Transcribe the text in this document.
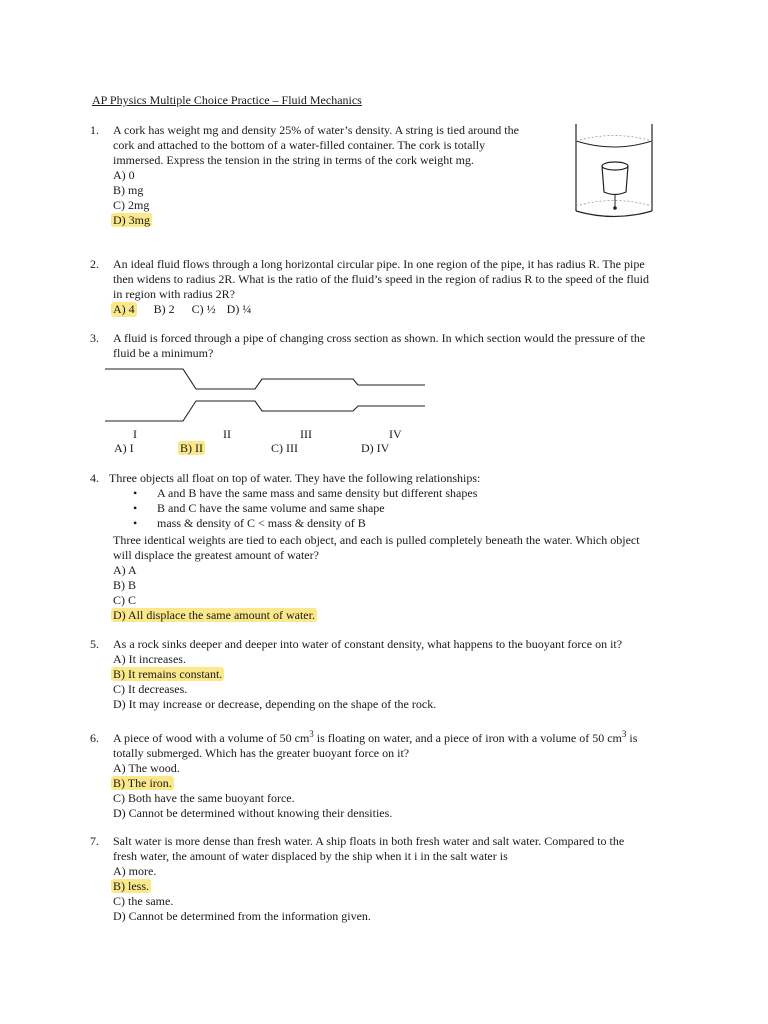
AP Physics Multiple Choice Practice – Fluid Mechanics
1.	A cork has weight mg and density 25% of water’s density. A string is tied around the
cork and attached to the bottom of a water-filled container. The cork is totally
immersed. Express the tension in the string in terms of the cork weight mg.
A) 0
B) mg
C) 2mg
D) 3mg
2.	An ideal fluid flows through a long horizontal circular pipe. In one region of the pipe, it has radius R. The pipe
then widens to radius 2R. What is the ratio of the fluid’s speed in the region of radius R to the speed of the fluid
in region with radius 2R?
A) 4 B) 2 C) ½ D) ¼
3.	A fluid is forced through a pipe of changing cross section as shown. In which section would the pressure of the
fluid be a minimum?
I	II	III	IV
A) I	B) II	C) III	D) IV
4. Three objects all float on top of water. They have the following relationships:
• A and B have the same mass and same density but different shapes
• B and C have the same volume and same shape
• mass & density of C < mass & density of B
Three identical weights are tied to each object, and each is pulled completely beneath the water. Which object
will displace the greatest amount of water?
A) A
B) B
C) C
D) All displace the same amount of water.
5.	As a rock sinks deeper and deeper into water of constant density, what happens to the buoyant force on it?
A) It increases.
B) It remains constant.
C) It decreases.
D) It may increase or decrease, depending on the shape of the rock.
6.	A piece of wood with a volume of 50 $cm^3$ is floating on water, and a piece of iron with a volume of 50 $cm^3$ is
totally submerged. Which has the greater buoyant force on it?
A) The wood.
B) The iron.
C) Both have the same buoyant force.
D) Cannot be determined without knowing their densities.
7.	Salt water is more dense than fresh water. A ship floats in both fresh water and salt water. Compared to the
fresh water, the amount of water displaced by the ship when it i in the salt water is
A) more.
B) less.
C) the same.
D) Cannot be determined from the information given.
